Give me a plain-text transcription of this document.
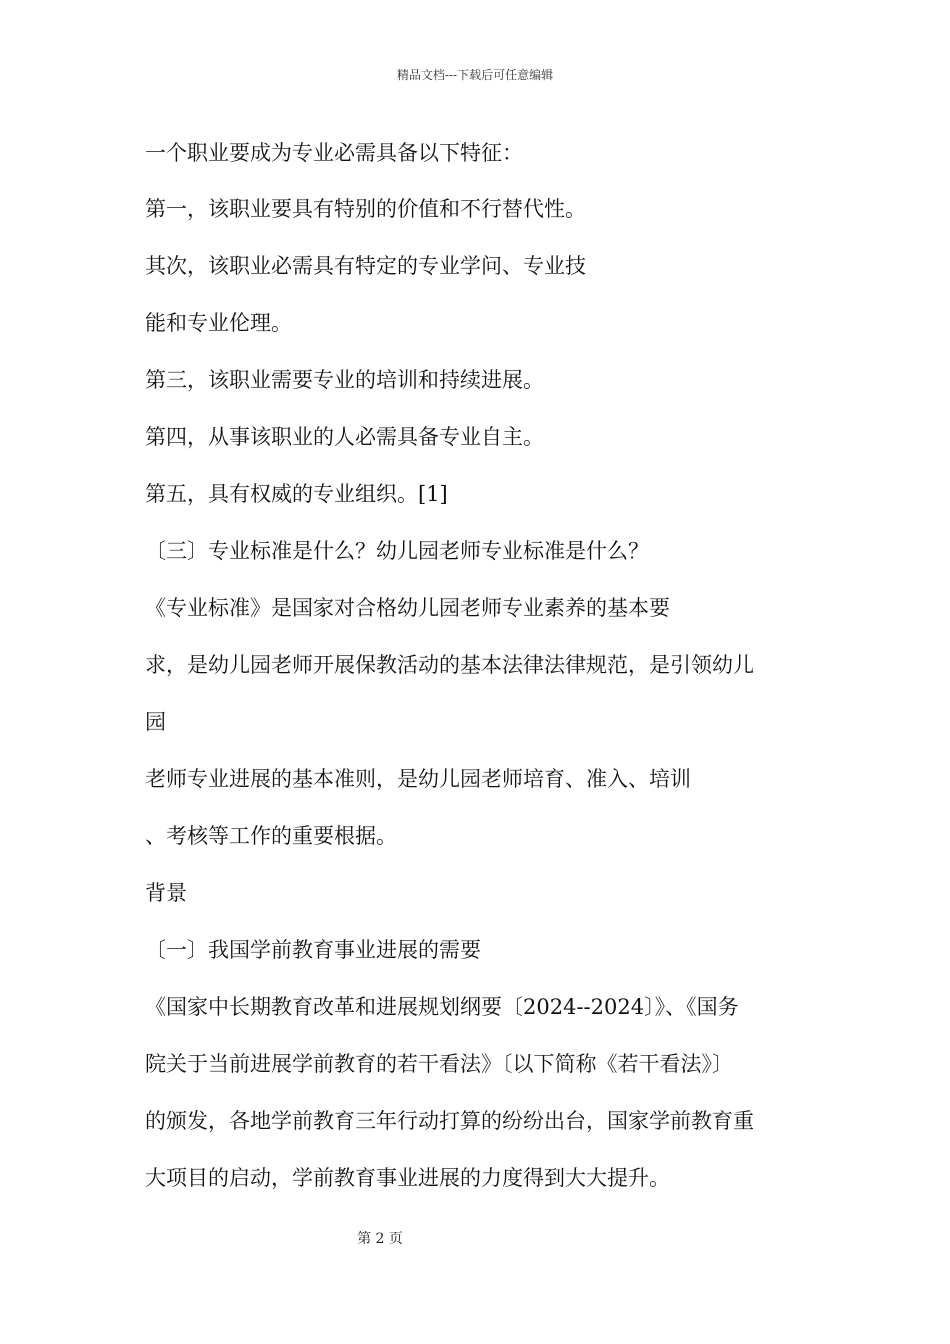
精品文档---下载后可任意编辑
一个职业要成为专业必需具备以下特征：
第一，该职业要具有特别的价值和不行替代性。
其次，该职业必需具有特定的专业学问、专业技
能和专业伦理。
第三，该职业需要专业的培训和持续进展。
第四，从事该职业的人必需具备专业自主。
第五，具有权威的专业组织。[1]
〔三〕专业标准是什么？幼儿园老师专业标准是什么？
《专业标准》是国家对合格幼儿园老师专业素养的基本要
求，是幼儿园老师开展保教活动的基本法律法律规范，是引领幼儿
园
老师专业进展的基本准则，是幼儿园老师培育、准入、培训
、考核等工作的重要根据。
背景
〔一〕我国学前教育事业进展的需要
《国家中长期教育改革和进展规划纲要〔2024--2024〕》、《国务
院关于当前进展学前教育的若干看法》〔以下简称《若干看法》〕
的颁发，各地学前教育三年行动打算的纷纷出台，国家学前教育重
大项目的启动，学前教育事业进展的力度得到大大提升。
第 2 页
